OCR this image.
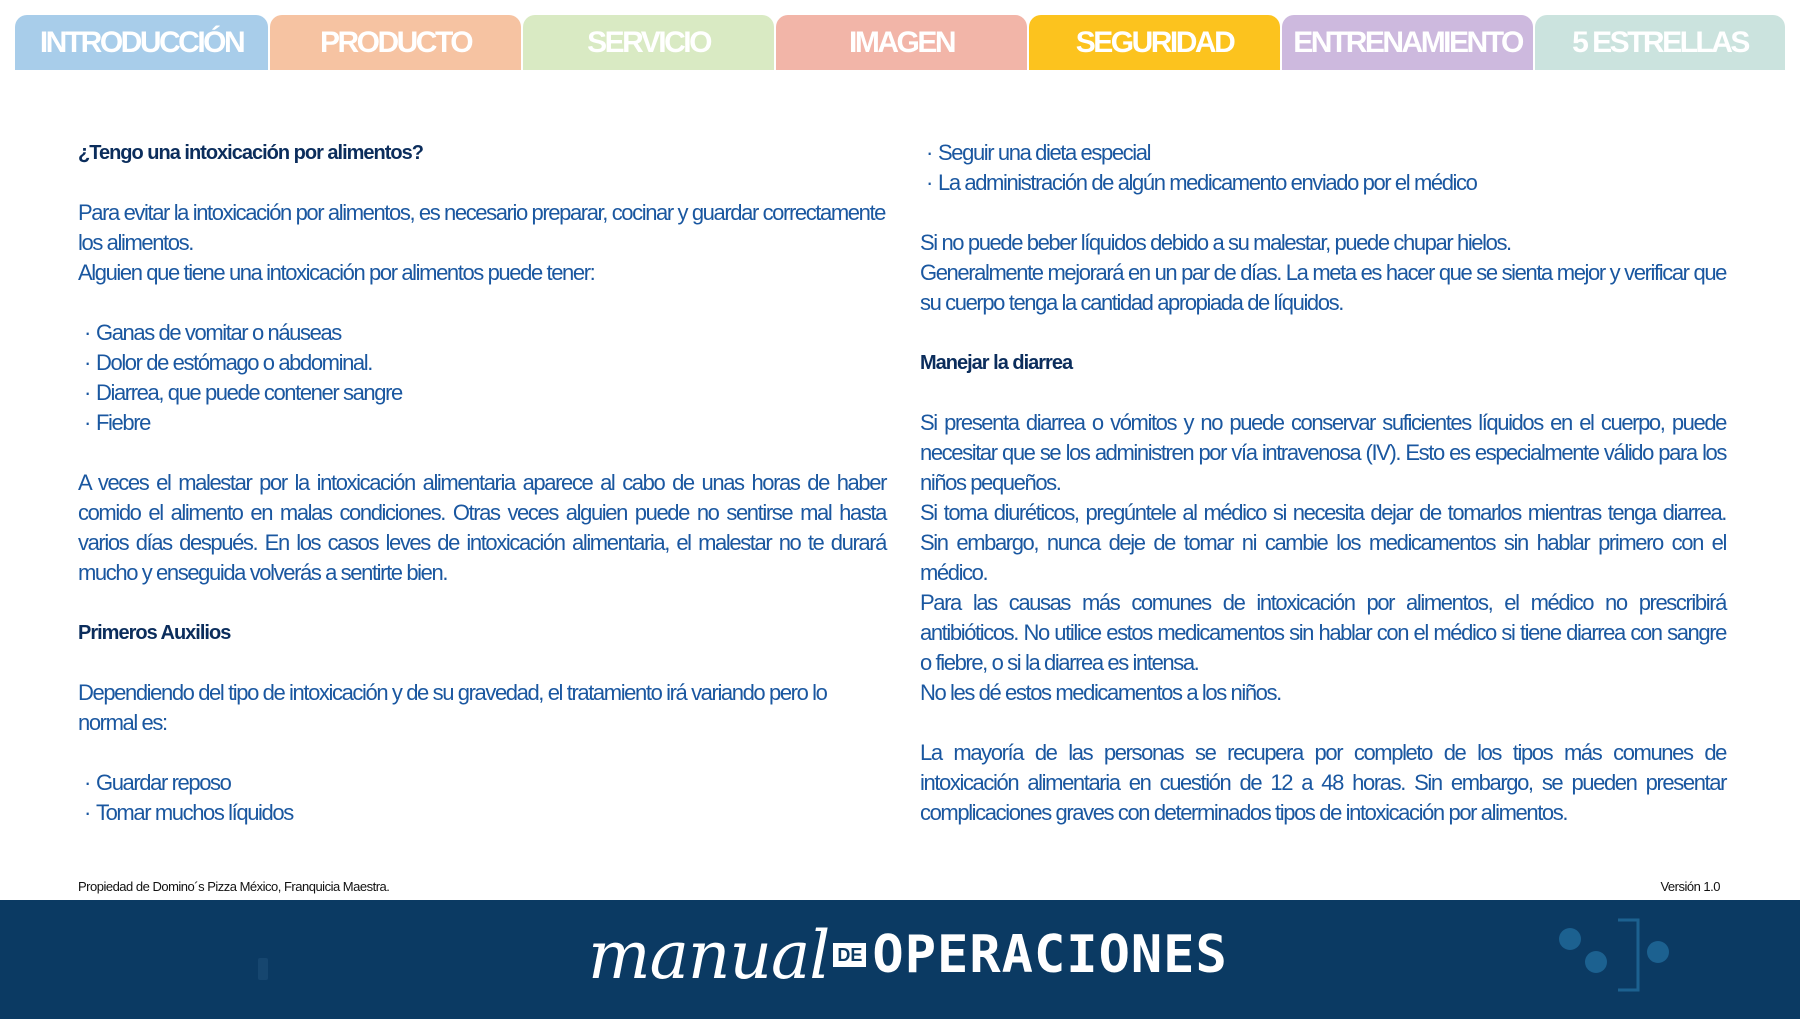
INTRODUCCIÓN	PRODUCTO	SERVICIO	IMAGEN	SEGURIDAD	ENTRENAMIENTO	5 ESTRELLAS

¿Tengo una intoxicación por alimentos?

Para evitar la intoxicación por alimentos, es necesario preparar, cocinar y guardar correctamente los alimentos.

Alguien que tiene una intoxicación por alimentos puede tener:

· Ganas de vomitar o náuseas
· Dolor de estómago o abdominal.
· Diarrea, que puede contener sangre
· Fiebre

A veces el malestar por la intoxicación alimentaria aparece al cabo de unas horas de haber comido el alimento en malas condiciones. Otras veces alguien puede no sentirse mal hasta varios días después. En los casos leves de intoxicación alimentaria, el malestar no te durará mucho y enseguida volverás a sentirte bien.

Primeros Auxilios

Dependiendo del tipo de intoxicación y de su gravedad, el tratamiento irá variando pero lo normal es:

· Guardar reposo
· Tomar muchos líquidos
· Seguir una dieta especial
· La administración de algún medicamento enviado por el médico

Si no puede beber líquidos debido a su malestar, puede chupar hielos.

Generalmente mejorará en un par de días. La meta es hacer que se sienta mejor y verificar que su cuerpo tenga la cantidad apropiada de líquidos.

Manejar la diarrea

Si presenta diarrea o vómitos y no puede conservar suficientes líquidos en el cuerpo, puede necesitar que se los administren por vía intravenosa (IV). Esto es especialmente válido para los niños pequeños.

Si toma diuréticos, pregúntele al médico si necesita dejar de tomarlos mientras tenga diarrea. Sin embargo, nunca deje de tomar ni cambie los medicamentos sin hablar primero con el médico.

Para las causas más comunes de intoxicación por alimentos, el médico no prescribirá antibióticos. No utilice estos medicamentos sin hablar con el médico si tiene diarrea con sangre o fiebre, o si la diarrea es intensa.

No les dé estos medicamentos a los niños.

La mayoría de las personas se recupera por completo de los tipos más comunes de intoxicación alimentaria en cuestión de 12 a 48 horas. Sin embargo, se pueden presentar complicaciones graves con determinados tipos de intoxicación por alimentos.

Propiedad de Domino´s Pizza México, Franquicia Maestra.	Versión 1.0
manual DE OPERACIONES
